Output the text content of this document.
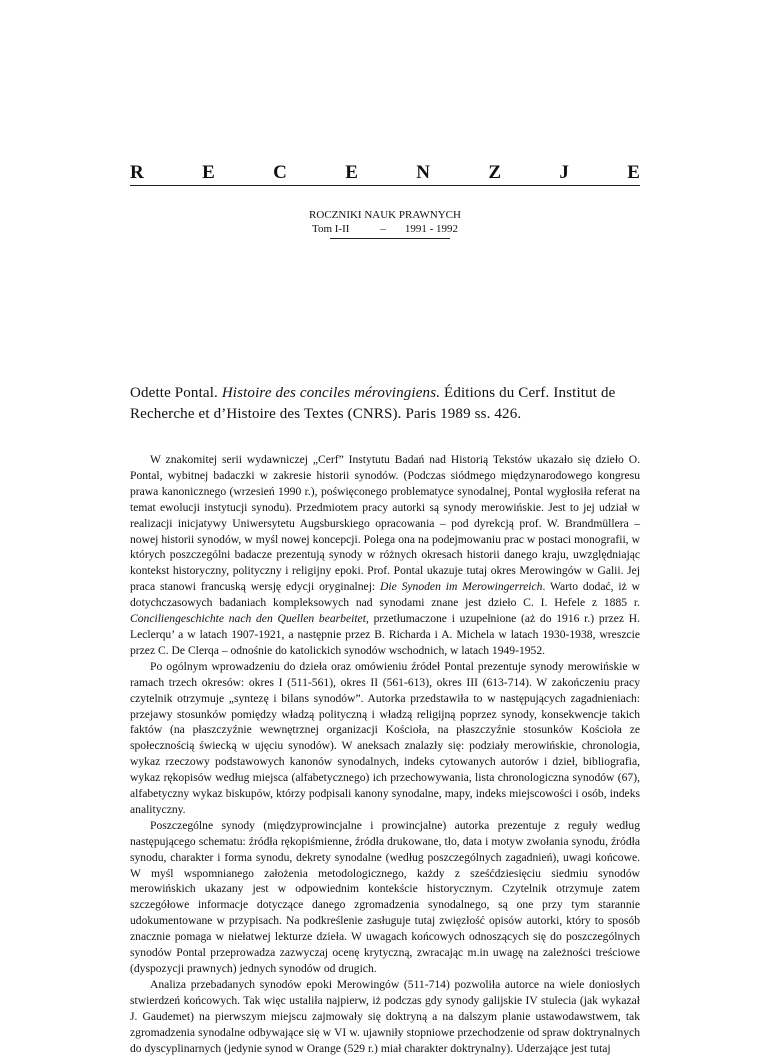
R	E	C	E	N	Z	J	E
ROCZNIKI NAUK PRAWNYCH
Tom I-II	–	1991 - 1992
Odette Pontal. Histoire des conciles mérovingiens. Éditions du Cerf. Institut de Recherche et d’Histoire des Textes (CNRS). Paris 1989 ss. 426.

W znakomitej serii wydawniczej „Cerf” Instytutu Badań nad Historią Tekstów ukazało się dzieło O. Pontal, wybitnej badaczki w zakresie historii synodów. (Podczas siódmego międzynarodowego kongresu prawa kanonicznego (wrzesień 1990 r.), poświęconego problematyce synodalnej, Pontal wygłosiła referat na temat ewolucji instytucji synodu). Przedmiotem pracy autorki są synody merowińskie. Jest to jej udział w realizacji inicjatywy Uniwersytetu Augsburskiego opracowania – pod dyrekcją prof. W. Brandmüllera – nowej historii synodów, w myśl nowej koncepcji. Polega ona na podejmowaniu prac w postaci monografii, w których poszczególni badacze prezentują synody w różnych okresach historii danego kraju, uwzględniając kontekst historyczny, polityczny i religijny epoki. Prof. Pontal ukazuje tutaj okres Merowingów w Galii. Jej praca stanowi francuską wersję edycji oryginalnej: Die Synoden im Merowingerreich. Warto dodać, iż w dotychczasowych badaniach kompleksowych nad synodami znane jest dzieło C. I. Hefele z 1885 r. Conciliengeschichte nach den Quellen bearbeitet, przetłumaczone i uzupełnione (aż do 1916 r.) przez H. Leclerqu’ a w latach 1907-1921, a następnie przez B. Richarda i A. Michela w latach 1930-1938, wreszcie przez C. De Clerqa – odnośnie do katolickich synodów wschodnich, w latach 1949-1952.

Po ogólnym wprowadzeniu do dzieła oraz omówieniu źródeł Pontal prezentuje synody merowińskie w ramach trzech okresów: okres I (511-561), okres II (561-613), okres III (613-714). W zakończeniu pracy czytelnik otrzymuje „syntezę i bilans synodów”. Autorka przedstawiła to w następujących zagadnieniach: przejawy stosunków pomiędzy władzą polityczną i władzą religijną poprzez synody, konsekwencje takich faktów (na płaszczyźnie wewnętrznej organizacji Kościoła, na płaszczyźnie stosunków Kościoła ze społecznością świecką w ujęciu synodów). W aneksach znalazły się: podziały merowińskie, chronologia, wykaz rzeczowy podstawowych kanonów synodalnych, indeks cytowanych autorów i dzieł, bibliografia, wykaz rękopisów według miejsca (alfabetycznego) ich przechowywania, lista chronologiczna synodów (67), alfabetyczny wykaz biskupów, którzy podpisali kanony synodalne, mapy, indeks miejscowości i osób, indeks analityczny.

Poszczególne synody (międzyprowincjalne i prowincjalne) autorka prezentuje z reguły według następującego schematu: źródła rękopiśmienne, źródła drukowane, tło, data i motyw zwołania synodu, źródła synodu, charakter i forma synodu, dekrety synodalne (według poszczególnych zagadnień), uwagi końcowe. W myśl wspomnianego założenia metodologicznego, każdy z sześćdziesięciu siedmiu synodów merowińskich ukazany jest w odpowiednim kontekście historycznym. Czytelnik otrzymuje zatem szczegółowe informacje dotyczące danego zgromadzenia synodalnego, są one przy tym starannie udokumentowane w przypisach. Na podkreślenie zasługuje tutaj zwięzłość opisów autorki, który to sposób znacznie pomaga w niełatwej lekturze dzieła. W uwagach końcowych odnoszących się do poszczególnych synodów Pontal przeprowadza zazwyczaj ocenę krytyczną, zwracając m.in uwagę na zależności treściowe (dyspozycji prawnych) jednych synodów od drugich.

Analiza przebadanych synodów epoki Merowingów (511-714) pozwoliła autorce na wiele doniosłych stwierdzeń końcowych. Tak więc ustaliła najpierw, iż podczas gdy synody galijskie IV stulecia (jak wykazał J. Gaudemet) na pierwszym miejscu zajmowały się doktryną a na dalszym planie ustawodawstwem, tak zgromadzenia synodalne odbywające się w VI w. ujawniły stopniowe przechodzenie od spraw doktrynalnych do dyscyplinarnych (jedynie synod w Orange (529 r.) miał charakter doktrynalny). Uderzające jest tutaj
